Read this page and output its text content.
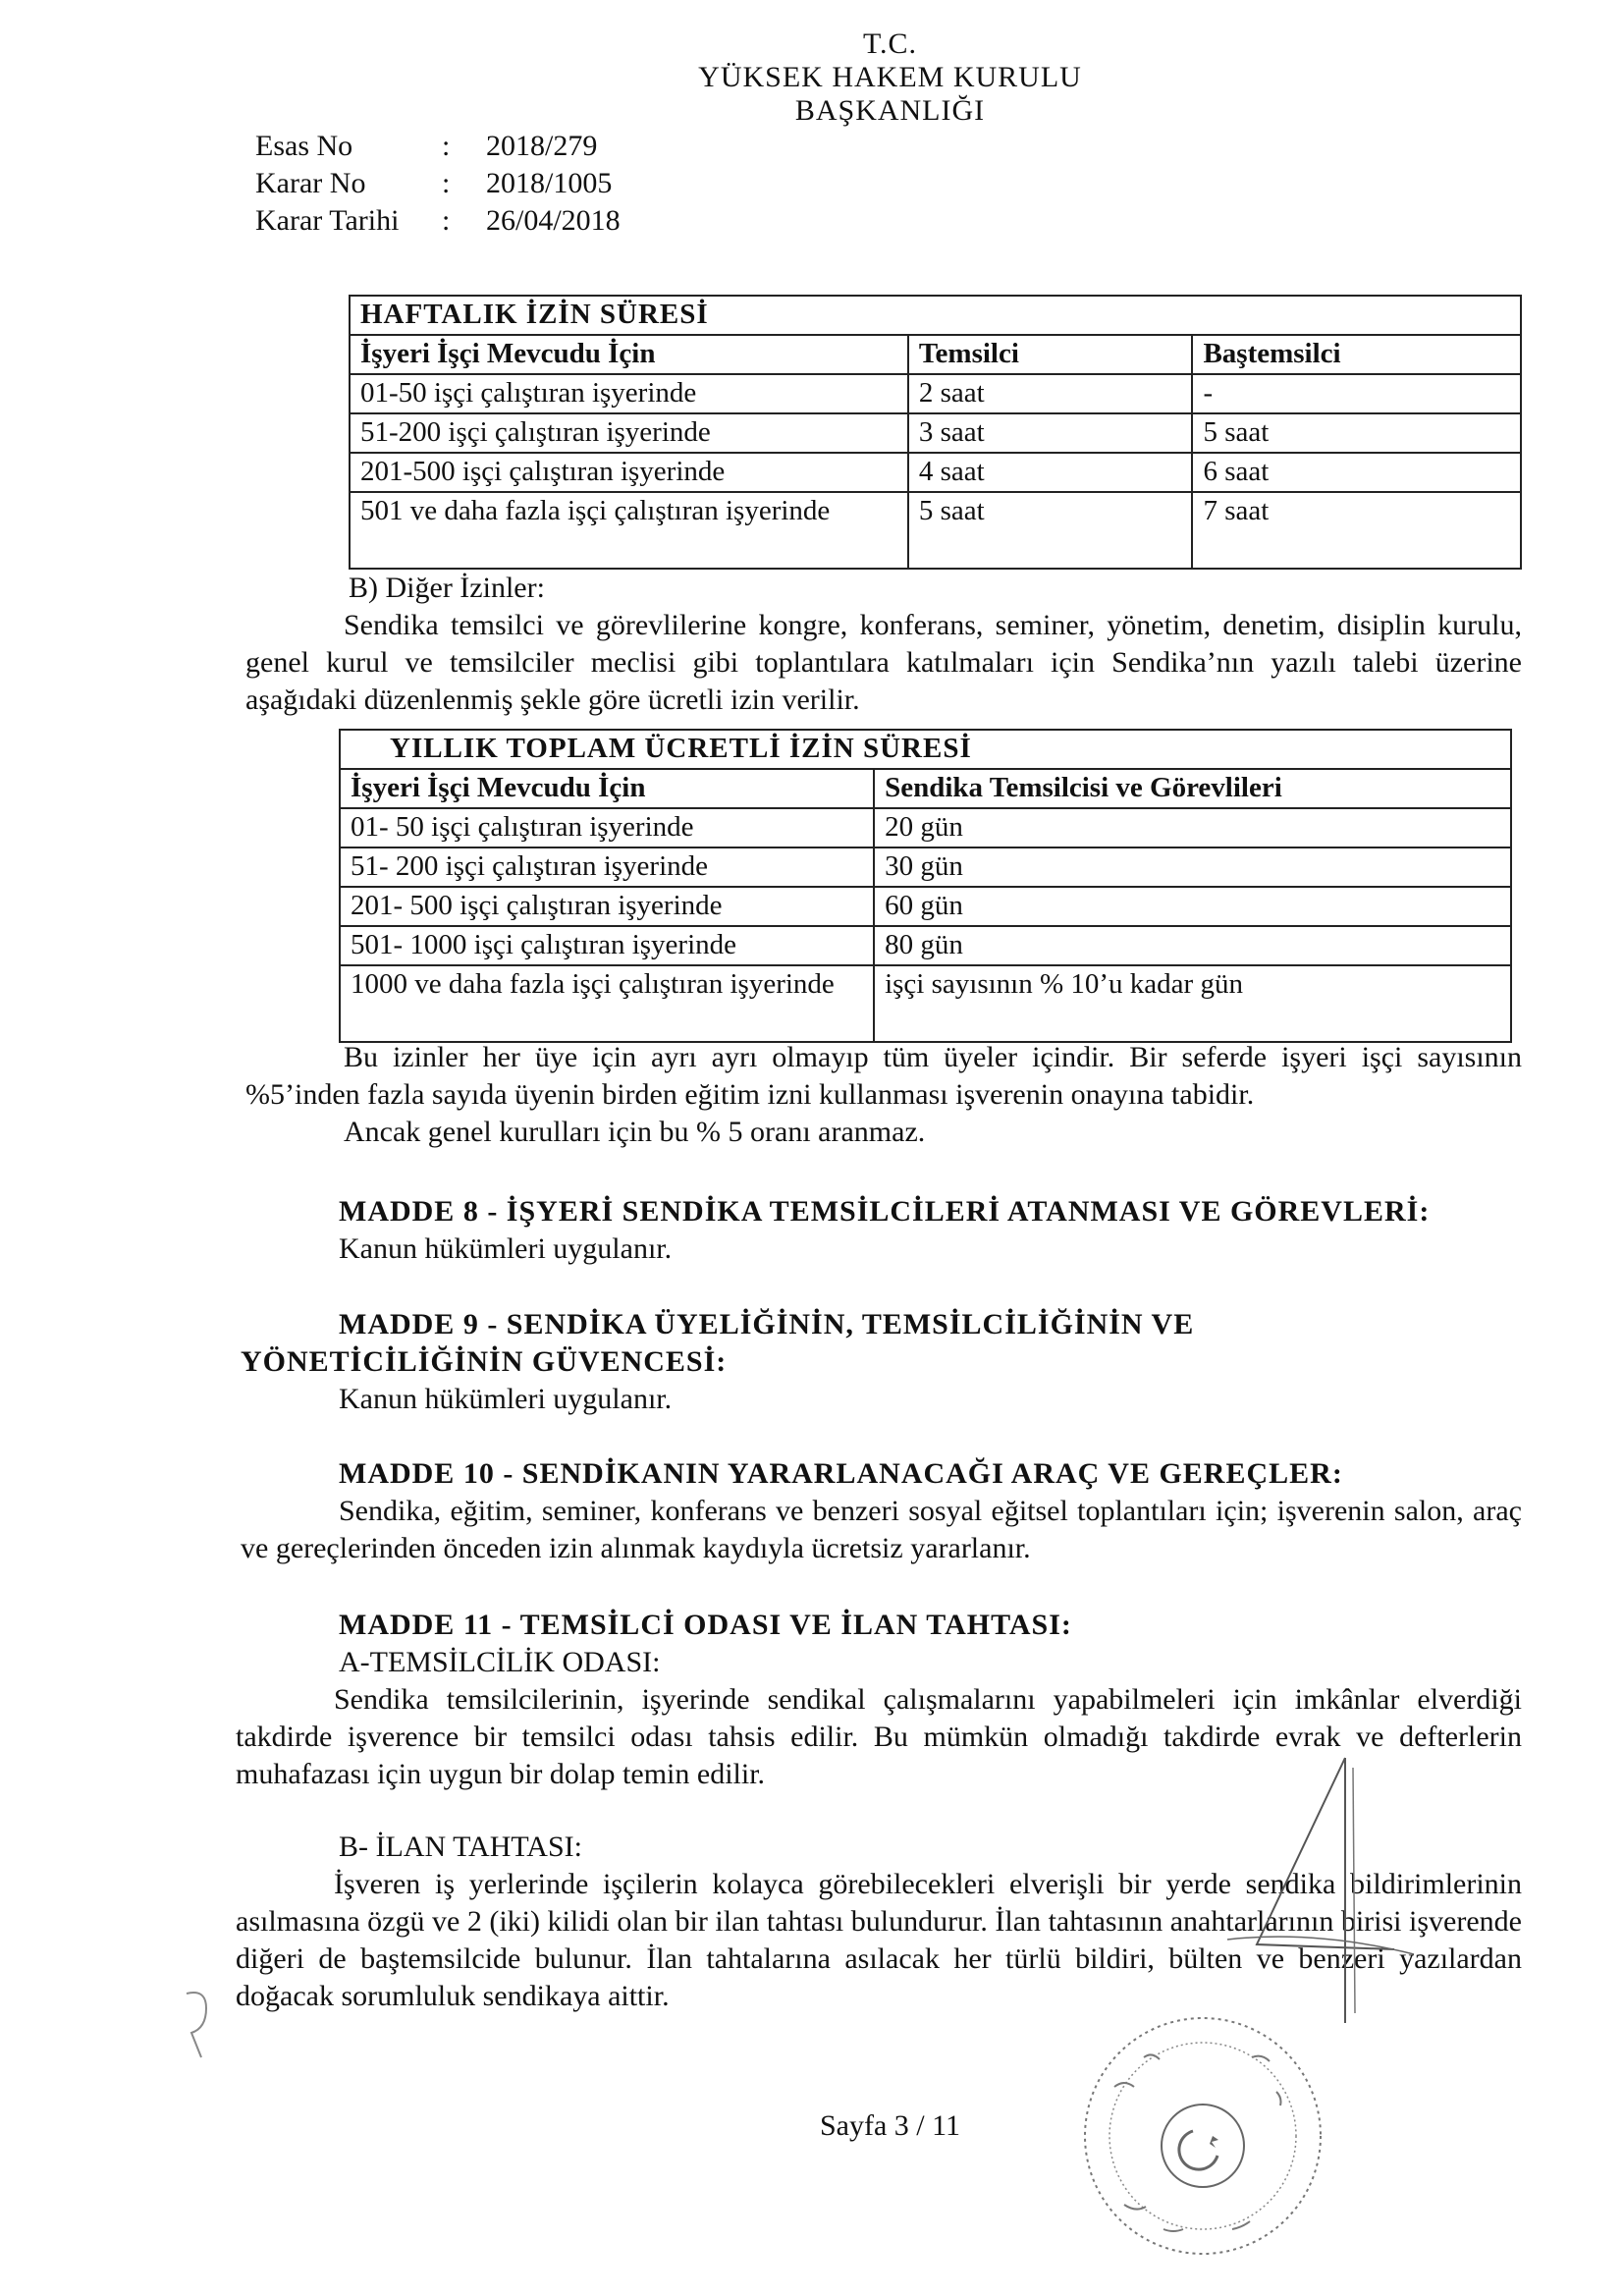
T.C.
YÜKSEK HAKEM KURULU
BAŞKANLIĞI
Esas No	:	2018/279
Karar No	:	2018/1005
Karar Tarihi	:	26/04/2018
HAFTALIK İZİN SÜRESİ		
İşyeri İşçi Mevcudu İçin	Temsilci	Baştemsilci
01-50 işçi çalıştıran işyerinde	2 saat	-
51-200 işçi çalıştıran işyerinde	3 saat	5 saat
201-500 işçi çalıştıran işyerinde	4 saat	6 saat
501 ve daha fazla işçi çalıştıran işyerinde	5 saat	7 saat
B) Diğer İzinler:
Sendika temsilci ve görevlilerine kongre, konferans, seminer, yönetim, denetim, disiplin kurulu, genel kurul ve temsilciler meclisi gibi toplantılara katılmaları için Sendika’nın yazılı talebi üzerine aşağıdaki düzenlenmiş şekle göre ücretli izin verilir.
YILLIK TOPLAM ÜCRETLİ İZİN SÜRESİ	
İşyeri İşçi Mevcudu İçin	Sendika Temsilcisi ve Görevlileri
01- 50 işçi çalıştıran işyerinde	20 gün
51- 200 işçi çalıştıran işyerinde	30 gün
201- 500 işçi çalıştıran işyerinde	60 gün
501- 1000 işçi çalıştıran işyerinde	80 gün
1000 ve daha fazla işçi çalıştıran işyerinde	işçi sayısının % 10’u kadar gün
Bu izinler her üye için ayrı ayrı olmayıp tüm üyeler içindir. Bir seferde işyeri işçi sayısının %5’inden fazla sayıda üyenin birden eğitim izni kullanması işverenin onayına tabidir.
Ancak genel kurulları için bu % 5 oranı aranmaz.
MADDE 8 - İŞYERİ SENDİKA TEMSİLCİLERİ ATANMASI VE GÖREVLERİ:
Kanun hükümleri uygulanır.
MADDE 9 - SENDİKA ÜYELİĞİNİN, TEMSİLCİLİĞİNİN VE YÖNETİCİLİĞİNİN GÜVENCESİ:
Kanun hükümleri uygulanır.
MADDE 10 - SENDİKANIN YARARLANACAĞI ARAÇ VE GEREÇLER:
Sendika, eğitim, seminer, konferans ve benzeri sosyal eğitsel toplantıları için; işverenin salon, araç ve gereçlerinden önceden izin alınmak kaydıyla ücretsiz yararlanır.
MADDE 11 - TEMSİLCİ ODASI VE İLAN TAHTASI:
A-TEMSİLCİLİK ODASI:
Sendika temsilcilerinin, işyerinde sendikal çalışmalarını yapabilmeleri için imkânlar elverdiği takdirde işverence bir temsilci odası tahsis edilir. Bu mümkün olmadığı takdirde evrak ve defterlerin muhafazası için uygun bir dolap temin edilir.
B- İLAN TAHTASI:
İşveren iş yerlerinde işçilerin kolayca görebilecekleri elverişli bir yerde sendika bildirimlerinin asılmasına özgü ve 2 (iki) kilidi olan bir ilan tahtası bulundurur. İlan tahtasının anahtarlarının birisi işverende diğeri de baştemsilcide bulunur. İlan tahtalarına asılacak her türlü bildiri, bülten ve benzeri yazılardan doğacak sorumluluk sendikaya aittir.
Sayfa 3 / 11
